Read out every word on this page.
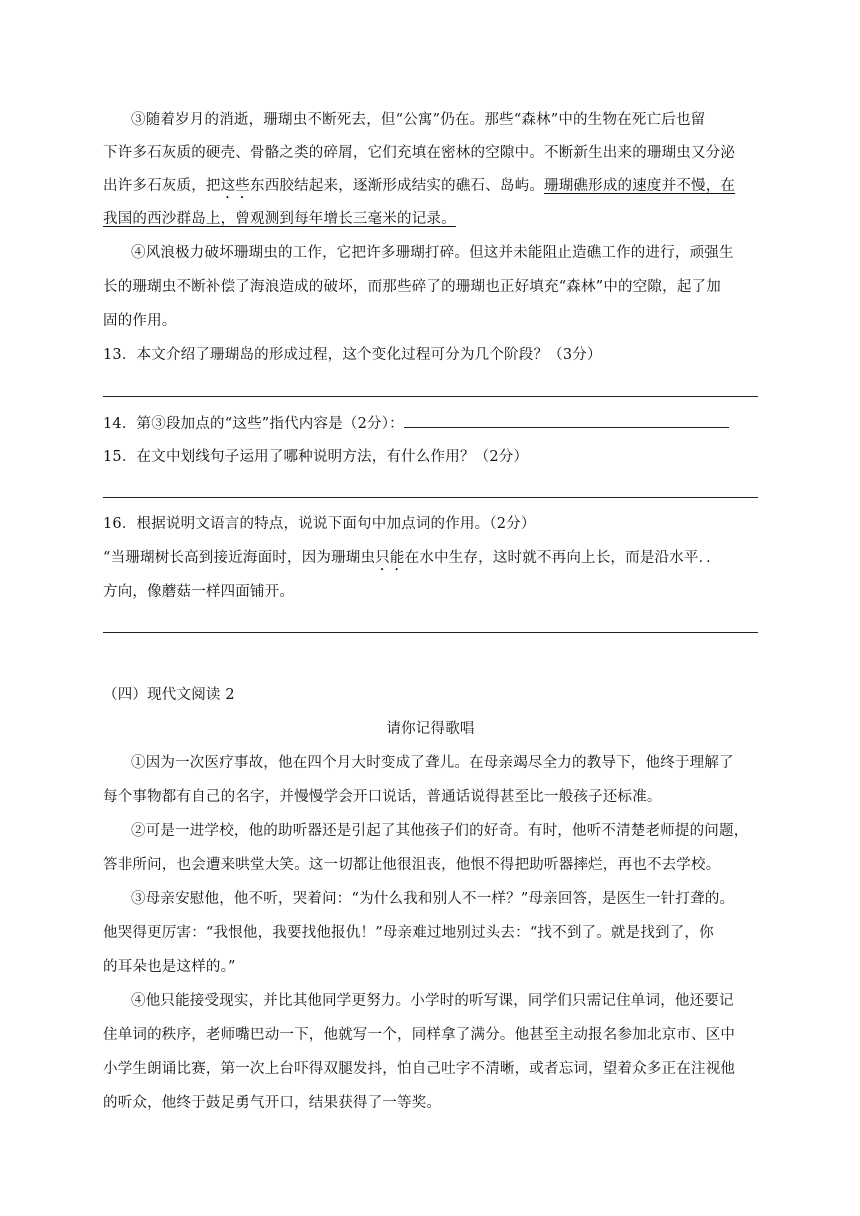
③随着岁月的消逝，珊瑚虫不断死去，但“公寓”仍在。那些“森林”中的生物在死亡后也留
下许多石灰质的硬壳、骨骼之类的碎屑，它们充填在密林的空隙中。不断新生出来的珊瑚虫又分泌
出许多石灰质，把这些东西胶结起来，逐渐形成结实的礁石、岛屿。珊瑚礁形成的速度并不慢，在
我国的西沙群岛上，曾观测到每年增长三毫米的记录。
④风浪极力破坏珊瑚虫的工作，它把许多珊瑚打碎。但这并未能阻止造礁工作的进行，顽强生
长的珊瑚虫不断补偿了海浪造成的破坏，而那些碎了的珊瑚也正好填充“森林”中的空隙，起了加
固的作用。
13．本文介绍了珊瑚岛的形成过程，这个变化过程可分为几个阶段？（3分）
14．第③段加点的“这些”指代内容是（2分）：
15．在文中划线句子运用了哪种说明方法，有什么作用？（2分）
16．根据说明文语言的特点，说说下面句中加点词的作用。（2分）
“当珊瑚树长高到接近海面时，因为珊瑚虫只能在水中生存，这时就不再向上长，而是沿水平．．
方向，像蘑菇一样四面铺开。
（四）现代文阅读 2
请你记得歌唱
①因为一次医疗事故，他在四个月大时变成了聋儿。在母亲竭尽全力的教导下，他终于理解了
每个事物都有自己的名字，并慢慢学会开口说话，普通话说得甚至比一般孩子还标准。
②可是一进学校，他的助听器还是引起了其他孩子们的好奇。有时，他听不清楚老师提的问题，
答非所问，也会遭来哄堂大笑。这一切都让他很沮丧，他恨不得把助听器摔烂，再也不去学校。
③母亲安慰他，他不听，哭着问：“为什么我和别人不一样？”母亲回答，是医生一针打聋的。
他哭得更厉害：“我恨他，我要找他报仇！”母亲难过地别过头去：“找不到了。就是找到了，你
的耳朵也是这样的。”
④他只能接受现实，并比其他同学更努力。小学时的听写课，同学们只需记住单词，他还要记
住单词的秩序，老师嘴巴动一下，他就写一个，同样拿了满分。他甚至主动报名参加北京市、区中
小学生朗诵比赛，第一次上台吓得双腿发抖，怕自己吐字不清晰，或者忘词，望着众多正在注视他
的听众，他终于鼓足勇气开口，结果获得了一等奖。
